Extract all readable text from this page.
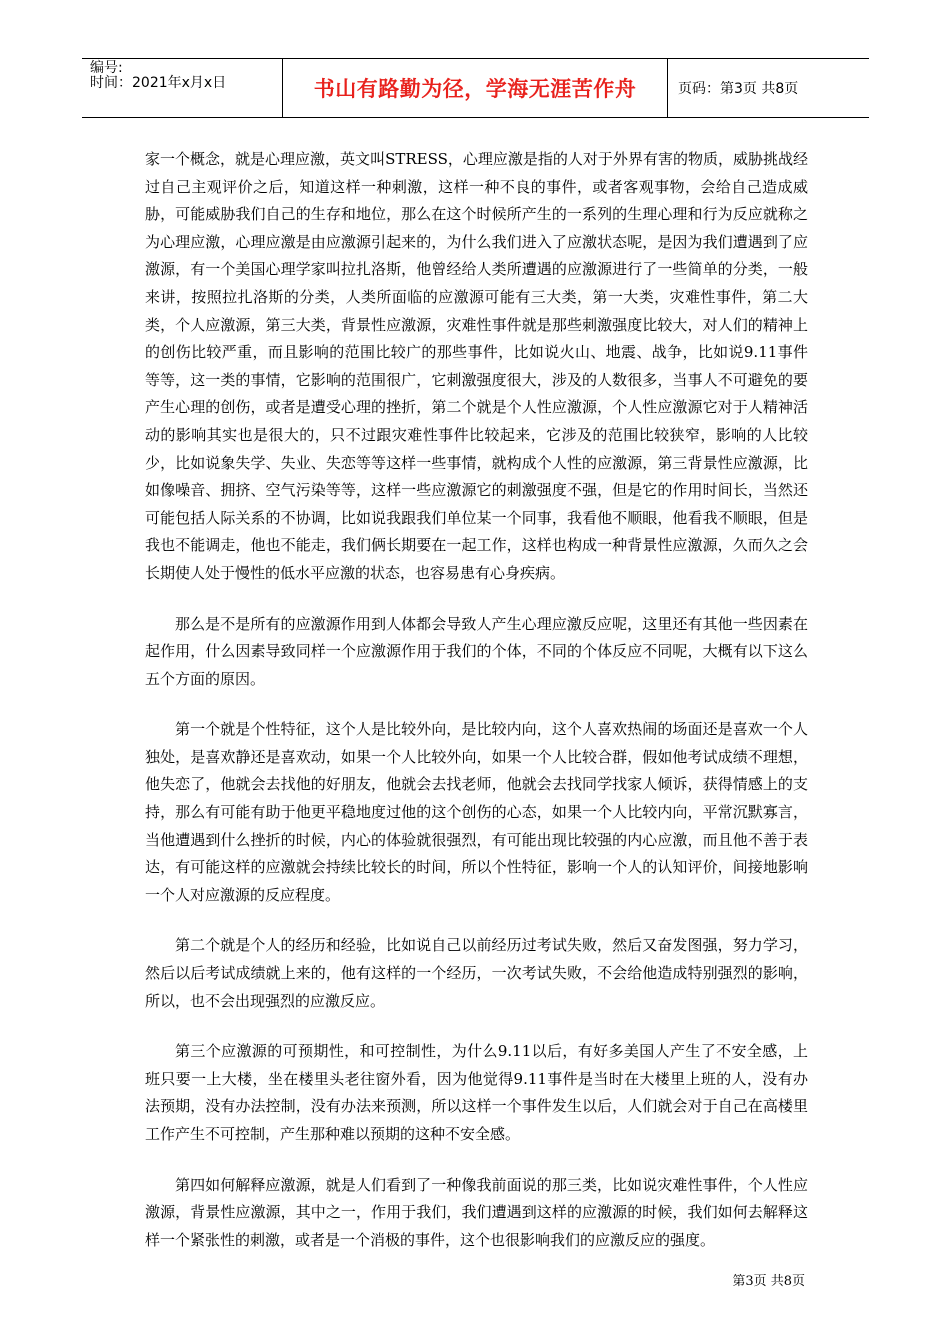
编号:
时间：2021年x月x日	书山有路勤为径，学海无涯苦作舟	页码：第3页 共8页

家一个概念，就是心理应激，英文叫STRESS，心理应激是指的人对于外界有害的物质，威胁挑战经过自己主观评价之后，知道这样一种刺激，这样一种不良的事件，或者客观事物，会给自己造成威胁，可能威胁我们自己的生存和地位，那么在这个时候所产生的一系列的生理心理和行为反应就称之为心理应激，心理应激是由应激源引起来的，为什么我们进入了应激状态呢，是因为我们遭遇到了应激源，有一个美国心理学家叫拉扎洛斯，他曾经给人类所遭遇的应激源进行了一些简单的分类，一般来讲，按照拉扎洛斯的分类，人类所面临的应激源可能有三大类，第一大类，灾难性事件，第二大类，个人应激源，第三大类，背景性应激源，灾难性事件就是那些刺激强度比较大，对人们的精神上的创伤比较严重，而且影响的范围比较广的那些事件，比如说火山、地震、战争，比如说9.11事件等等，这一类的事情，它影响的范围很广，它刺激强度很大，涉及的人数很多，当事人不可避免的要产生心理的创伤，或者是遭受心理的挫折，第二个就是个人性应激源，个人性应激源它对于人精神活动的影响其实也是很大的，只不过跟灾难性事件比较起来，它涉及的范围比较狭窄，影响的人比较少，比如说象失学、失业、失恋等等这样一些事情，就构成个人性的应激源，第三背景性应激源，比如像噪音、拥挤、空气污染等等，这样一些应激源它的刺激强度不强，但是它的作用时间长，当然还可能包括人际关系的不协调，比如说我跟我们单位某一个同事，我看他不顺眼，他看我不顺眼，但是我也不能调走，他也不能走，我们俩长期要在一起工作，这样也构成一种背景性应激源，久而久之会长期使人处于慢性的低水平应激的状态，也容易患有心身疾病。

那么是不是所有的应激源作用到人体都会导致人产生心理应激反应呢，这里还有其他一些因素在起作用，什么因素导致同样一个应激源作用于我们的个体，不同的个体反应不同呢，大概有以下这么五个方面的原因。

第一个就是个性特征，这个人是比较外向，是比较内向，这个人喜欢热闹的场面还是喜欢一个人独处，是喜欢静还是喜欢动，如果一个人比较外向，如果一个人比较合群，假如他考试成绩不理想，他失恋了，他就会去找他的好朋友，他就会去找老师，他就会去找同学找家人倾诉，获得情感上的支持，那么有可能有助于他更平稳地度过他的这个创伤的心态，如果一个人比较内向，平常沉默寡言，当他遭遇到什么挫折的时候，内心的体验就很强烈，有可能出现比较强的内心应激，而且他不善于表达，有可能这样的应激就会持续比较长的时间，所以个性特征，影响一个人的认知评价，间接地影响一个人对应激源的反应程度。

第二个就是个人的经历和经验，比如说自己以前经历过考试失败，然后又奋发图强，努力学习，然后以后考试成绩就上来的，他有这样的一个经历，一次考试失败，不会给他造成特别强烈的影响，所以，也不会出现强烈的应激反应。

第三个应激源的可预期性，和可控制性，为什么9.11以后，有好多美国人产生了不安全感，上班只要一上大楼，坐在楼里头老往窗外看，因为他觉得9.11事件是当时在大楼里上班的人，没有办法预期，没有办法控制，没有办法来预测，所以这样一个事件发生以后，人们就会对于自己在高楼里工作产生不可控制，产生那种难以预期的这种不安全感。

第四如何解释应激源，就是人们看到了一种像我前面说的那三类，比如说灾难性事件，个人性应激源，背景性应激源，其中之一，作用于我们，我们遭遇到这样的应激源的时候，我们如何去解释这样一个紧张性的刺激，或者是一个消极的事件，这个也很影响我们的应激反应的强度。

第3页 共8页
